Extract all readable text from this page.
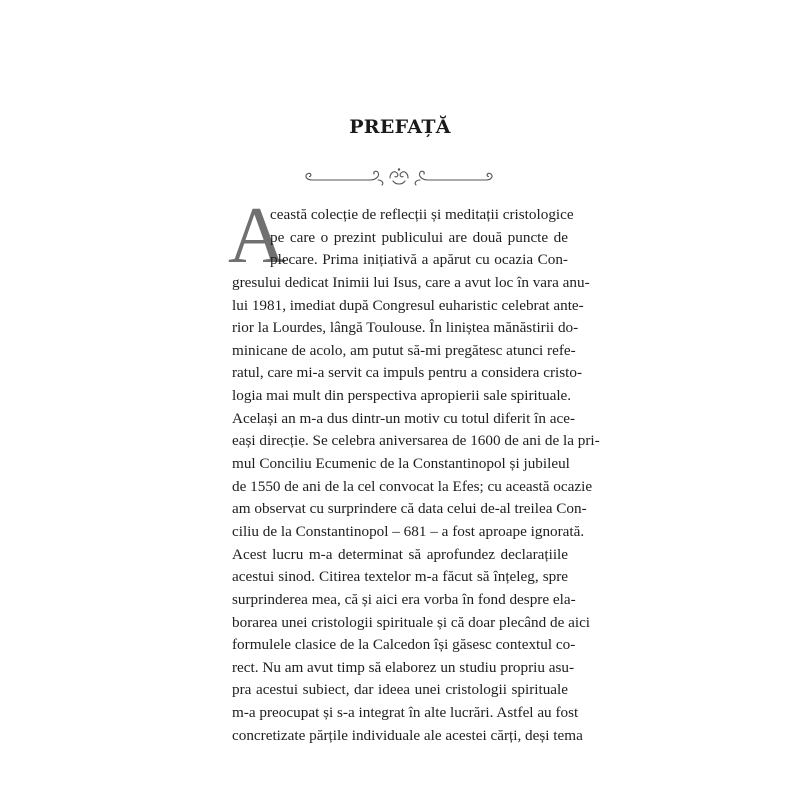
PREFAȚĂ
A
ceastă colecție de reflecții și meditații cristologice
pe care o prezint publicului are două puncte de
plecare. Prima inițiativă a apărut cu ocazia Con-
gresului dedicat Inimii lui Isus, care a avut loc în vara anu-
lui 1981, imediat după Congresul euharistic celebrat ante-
rior la Lourdes, lângă Toulouse. În liniștea mănăstirii do-
minicane de acolo, am putut să-mi pregătesc atunci refe-
ratul, care mi-a servit ca impuls pentru a considera cristo-
logia mai mult din perspectiva apropierii sale spirituale.
Același an m-a dus dintr-un motiv cu totul diferit în ace-
eași direcție. Se celebra aniversarea de 1600 de ani de la pri-
mul Conciliu Ecumenic de la Constantinopol și jubileul
de 1550 de ani de la cel convocat la Efes; cu această ocazie
am observat cu surprindere că data celui de-al treilea Con-
ciliu de la Constantinopol – 681 – a fost aproape ignorată.
Acest lucru m-a determinat să aprofundez declarațiile
acestui sinod. Citirea textelor m-a făcut să înțeleg, spre
surprinderea mea, că și aici era vorba în fond despre ela-
borarea unei cristologii spirituale și că doar plecând de aici
formulele clasice de la Calcedon își găsesc contextul co-
rect. Nu am avut timp să elaborez un studiu propriu asu-
pra acestui subiect, dar ideea unei cristologii spirituale
m-a preocupat și s-a integrat în alte lucrări. Astfel au fost
concretizate părțile individuale ale acestei cărți, deși tema
